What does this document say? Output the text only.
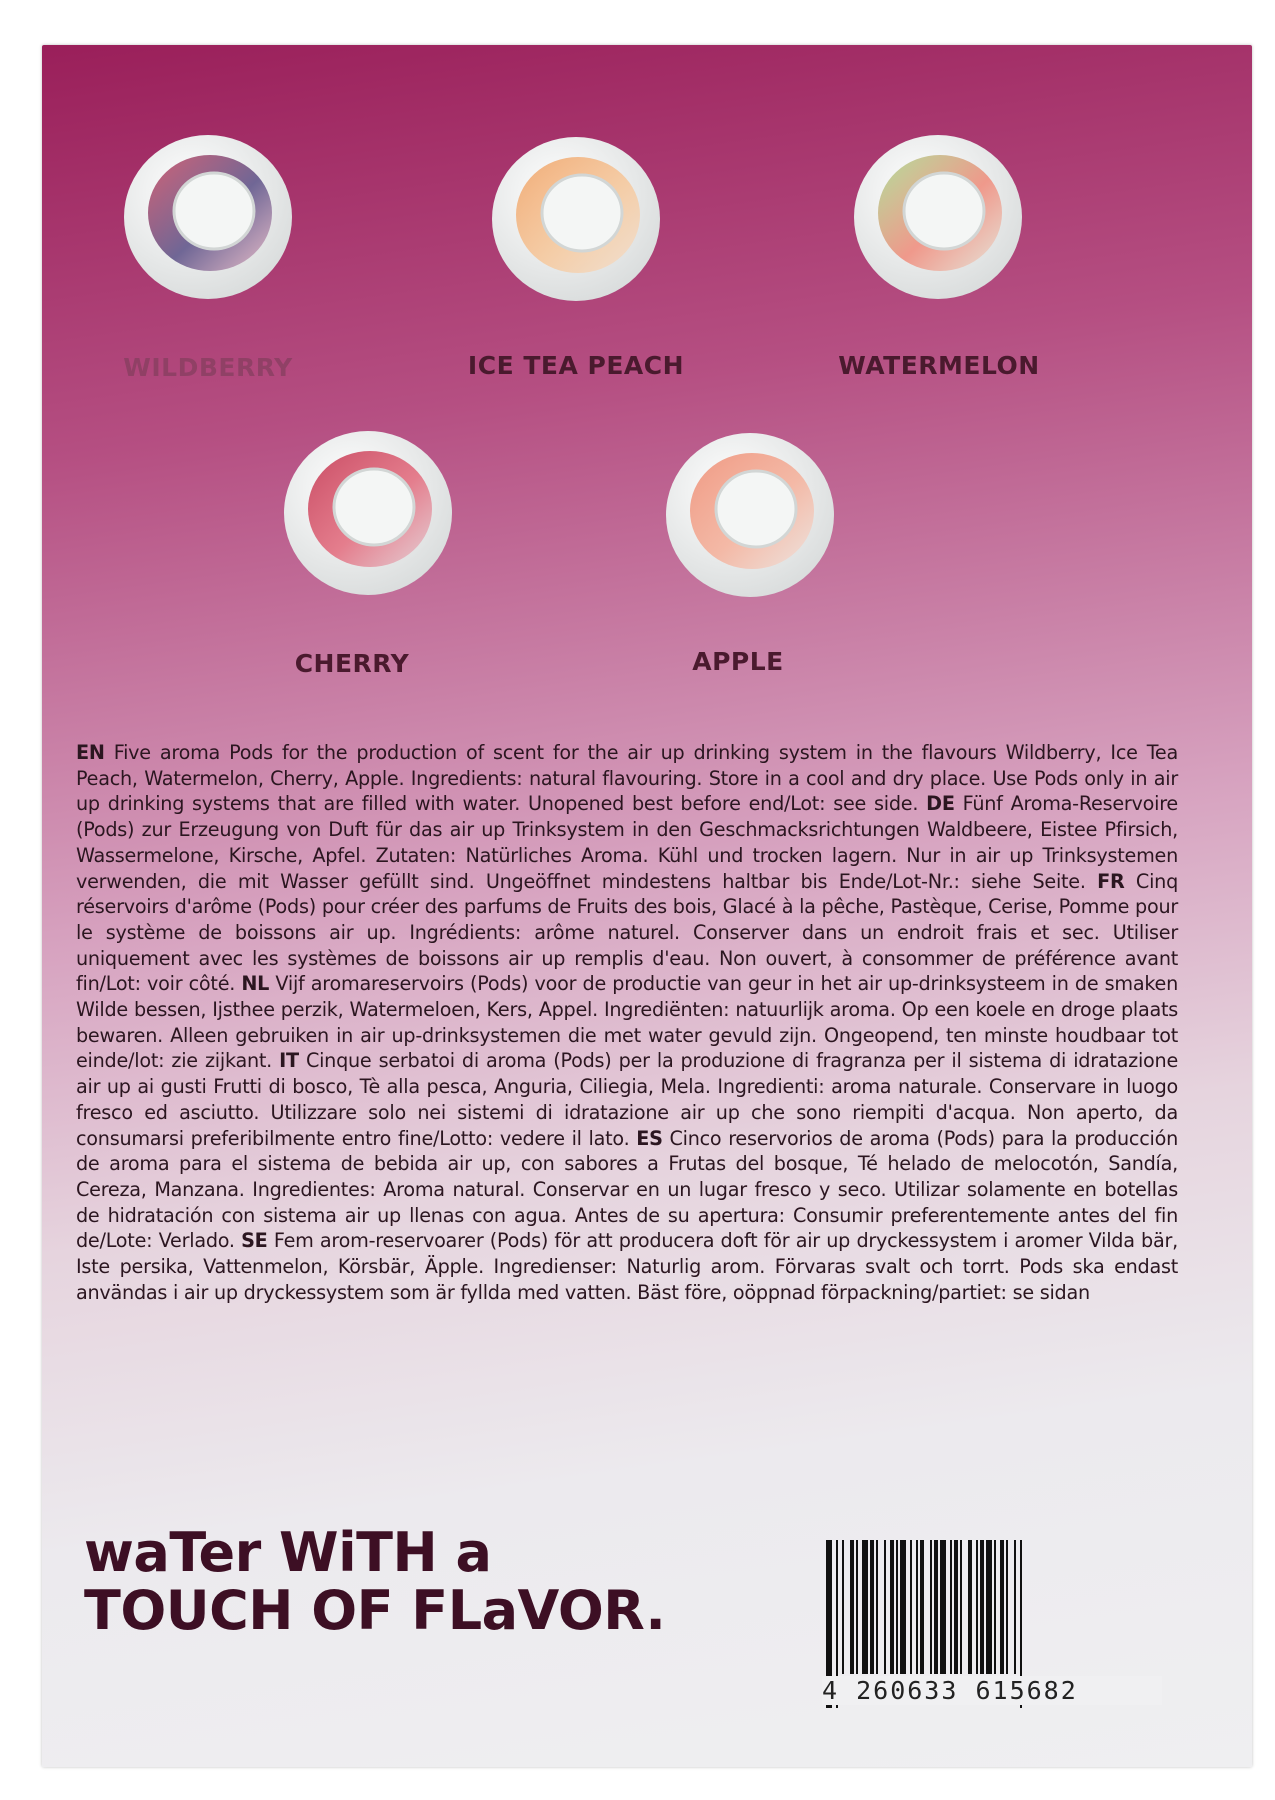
WILDBERRY	ICE TEA PEACH	WATERMELON
CHERRY	APPLE
EN Five aroma Pods for the production of scent for the air up drinking system in the flavours Wildberry, Ice Tea Peach, Watermelon, Cherry, Apple. Ingredients: natural flavouring. Store in a cool and dry place. Use Pods only in air up drinking systems that are filled with water. Unopened best before end/Lot: see side. DE Fünf Aroma-Reservoire (Pods) zur Erzeugung von Duft für das air up Trinksystem in den Geschmacksrichtungen Waldbeere, Eistee Pfirsich, Wassermelone, Kirsche, Apfel. Zutaten: Natürliches Aroma. Kühl und trocken lagern. Nur in air up Trinksystemen verwenden, die mit Wasser gefüllt sind. Ungeöffnet mindestens haltbar bis Ende/Lot-Nr.: siehe Seite. FR Cinq réservoirs d'arôme (Pods) pour créer des parfums de Fruits des bois, Glacé à la pêche, Pastèque, Cerise, Pomme pour le système de boissons air up. Ingrédients: arôme naturel. Conserver dans un endroit frais et sec. Utiliser uniquement avec les systèmes de boissons air up remplis d'eau. Non ouvert, à consommer de préférence avant fin/Lot: voir côté. NL Vijf aromareservoirs (Pods) voor de productie van geur in het air up-drinksysteem in de smaken Wilde bessen, Ijsthee perzik, Watermeloen, Kers, Appel. Ingrediënten: natuurlijk aroma. Op een koele en droge plaats bewaren. Alleen gebruiken in air up-drinksystemen die met water gevuld zijn. Ongeopend, ten minste houdbaar tot einde/lot: zie zijkant. IT Cinque serbatoi di aroma (Pods) per la produzione di fragranza per il sistema di idratazione air up ai gusti Frutti di bosco, Tè alla pesca, Anguria, Ciliegia, Mela. Ingredienti: aroma naturale. Conservare in luogo fresco ed asciutto. Utilizzare solo nei sistemi di idratazione air up che sono riempiti d'acqua. Non aperto, da consumarsi preferibilmente entro fine/Lotto: vedere il lato. ES Cinco reservorios de aroma (Pods) para la producción de aroma para el sistema de bebida air up, con sabores a Frutas del bosque, Té helado de melocotón, Sandía, Cereza, Manzana. Ingredientes: Aroma natural. Conservar en un lugar fresco y seco. Utilizar solamente en botellas de hidratación con sistema air up llenas con agua. Antes de su apertura: Consumir preferentemente antes del fin de/Lote: Verlado. SE Fem arom-reservoarer (Pods) för att producera doft för air up dryckessystem i aromer Vilda bär, Iste persika, Vattenmelon, Körsbär, Äpple. Ingredienser: Naturlig arom. Förvaras svalt och torrt. Pods ska endast användas i air up dryckessystem som är fyllda med vatten. Bäst före, oöppnad förpackning/partiet: se sidan
waTer WiTH a
TOUCH OF FLaVOR.
4 260633 615682
